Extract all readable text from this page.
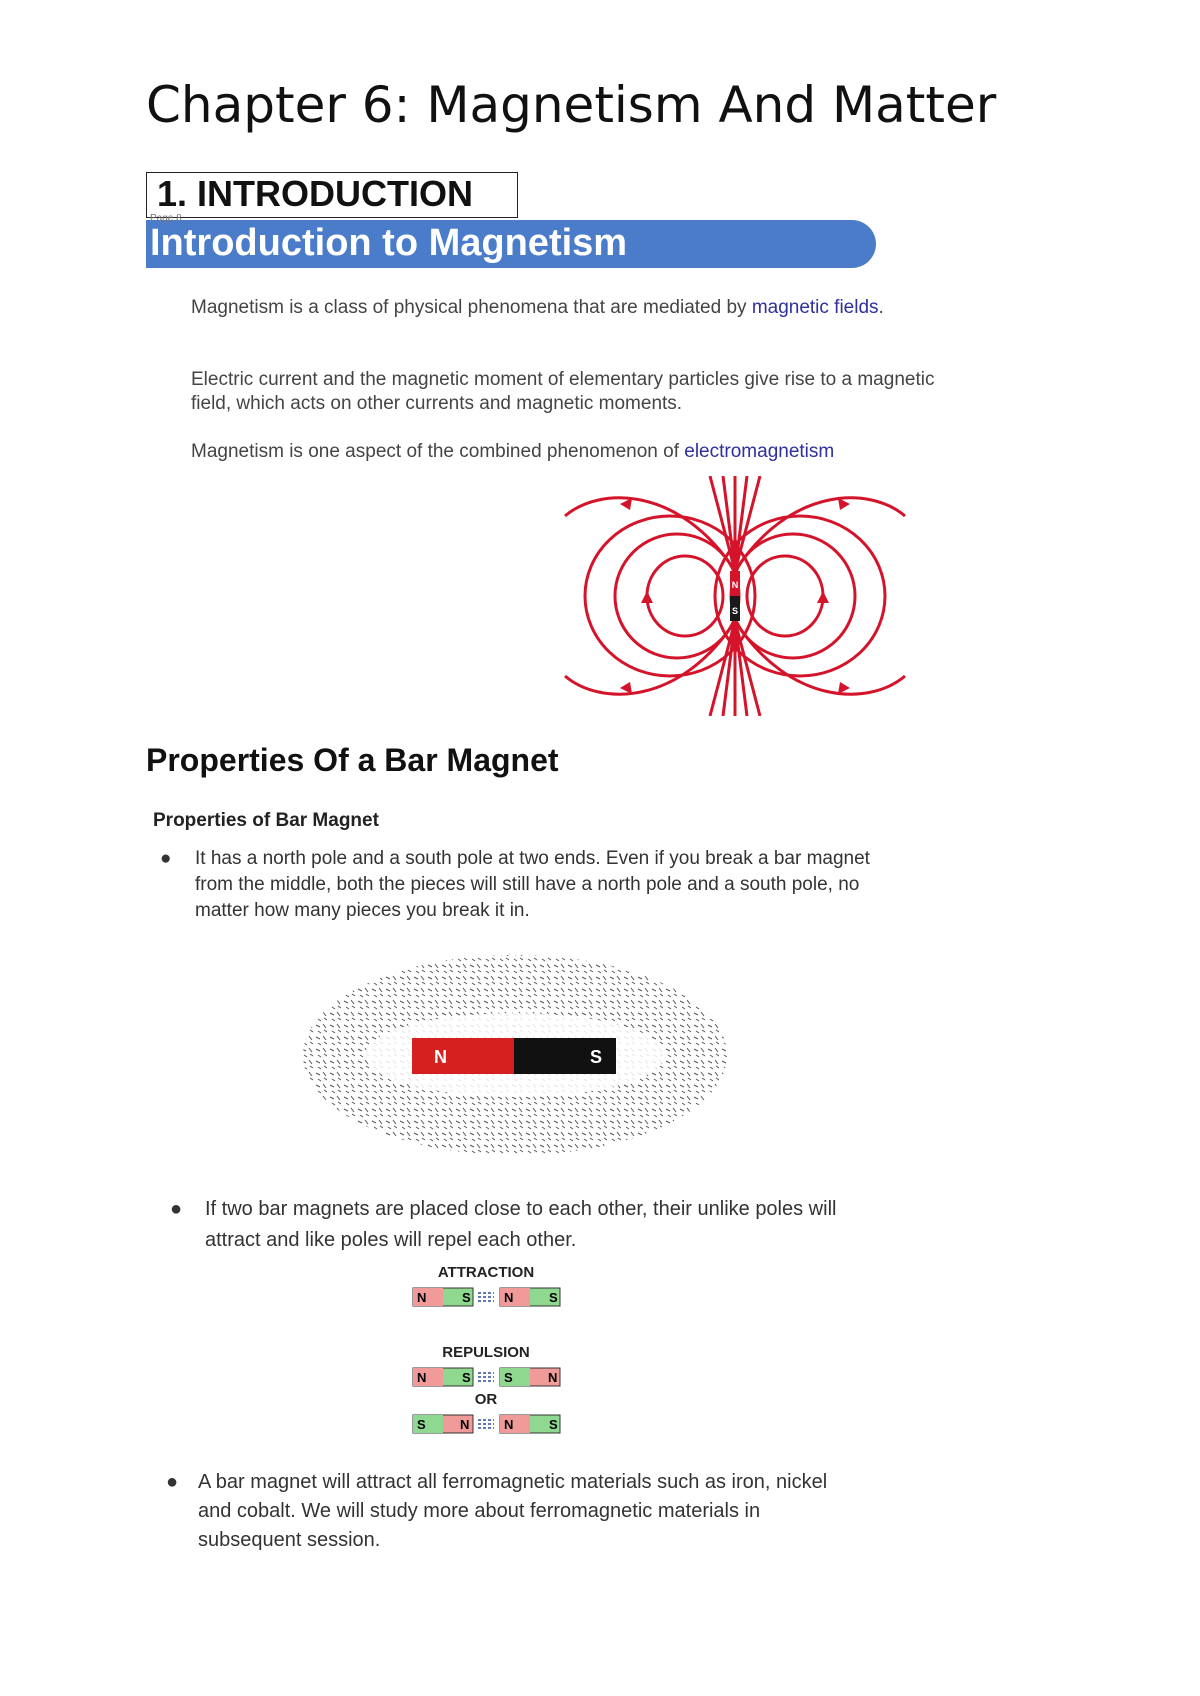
Chapter 6: Magnetism And Matter
1. INTRODUCTION
Introduction to Magnetism
Page 8
Magnetism is a class of physical phenomena that are mediated by magnetic fields.
Electric current and the magnetic moment of elementary particles give rise to a magnetic field, which acts on other currents and magnetic moments.
Magnetism is one aspect of the combined phenomenon of electromagnetism
N
S
Properties Of a Bar Magnet
Properties of Bar Magnet
● It has a north pole and a south pole at two ends. Even if you break a bar magnet from the middle, both the pieces will still have a north pole and a south pole, no matter how many pieces you break it in.
N	S
● If two bar magnets are placed close to each other, their unlike poles will attract and like poles will repel each other.
ATTRACTION
N	S	N	S
REPULSION
N	S	S	N
OR
S	N	N	S
● A bar magnet will attract all ferromagnetic materials such as iron, nickel and cobalt. We will study more about ferromagnetic materials in subsequent session.
